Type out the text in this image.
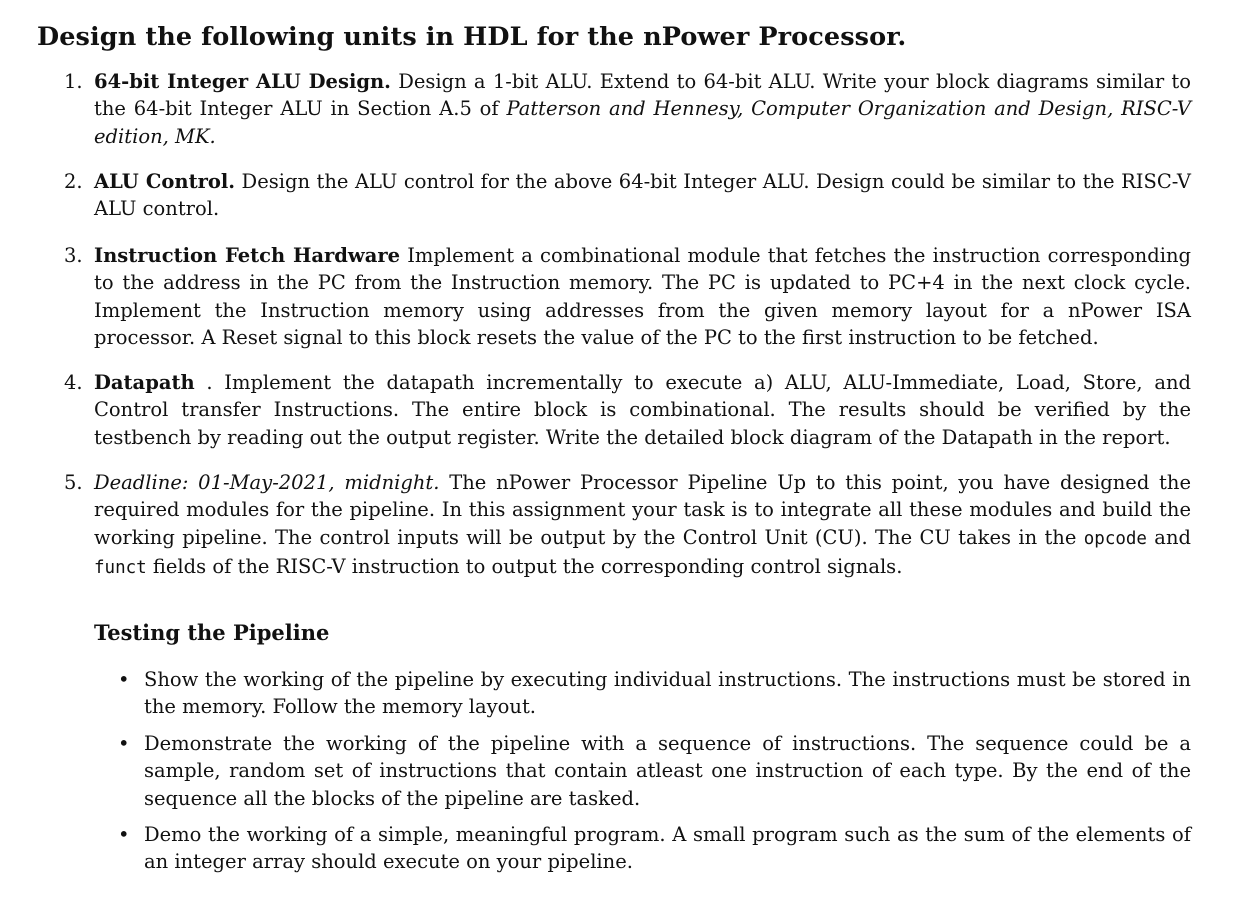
Design the following units in HDL for the nPower Processor.
1. 64-bit Integer ALU Design. Design a 1-bit ALU. Extend to 64-bit ALU. Write your block diagrams similar to the 64-bit Integer ALU in Section A.5 of Patterson and Hennesy, Computer Organization and Design, RISC-V edition, MK.
2. ALU Control. Design the ALU control for the above 64-bit Integer ALU. Design could be similar to the RISC-V ALU control.
3. Instruction Fetch Hardware Implement a combinational module that fetches the instruction corresponding to the address in the PC from the Instruction memory. The PC is updated to PC+4 in the next clock cycle. Implement the Instruction memory using addresses from the given memory layout for a nPower ISA processor. A Reset signal to this block resets the value of the PC to the first instruction to be fetched.
4. Datapath . Implement the datapath incrementally to execute a) ALU, ALU-Immediate, Load, Store, and Control transfer Instructions. The entire block is combinational. The results should be verified by the testbench by reading out the output register. Write the detailed block diagram of the Datapath in the report.
5. Deadline: 01-May-2021, midnight. The nPower Processor Pipeline Up to this point, you have designed the required modules for the pipeline. In this assignment your task is to integrate all these modules and build the working pipeline. The control inputs will be output by the Control Unit (CU). The CU takes in the opcode and funct fields of the RISC-V instruction to output the corresponding control signals.
Testing the Pipeline
• Show the working of the pipeline by executing individual instructions. The instructions must be stored in the memory. Follow the memory layout.
• Demonstrate the working of the pipeline with a sequence of instructions. The sequence could be a sample, random set of instructions that contain atleast one instruction of each type. By the end of the sequence all the blocks of the pipeline are tasked.
• Demo the working of a simple, meaningful program. A small program such as the sum of the elements of an integer array should execute on your pipeline.
